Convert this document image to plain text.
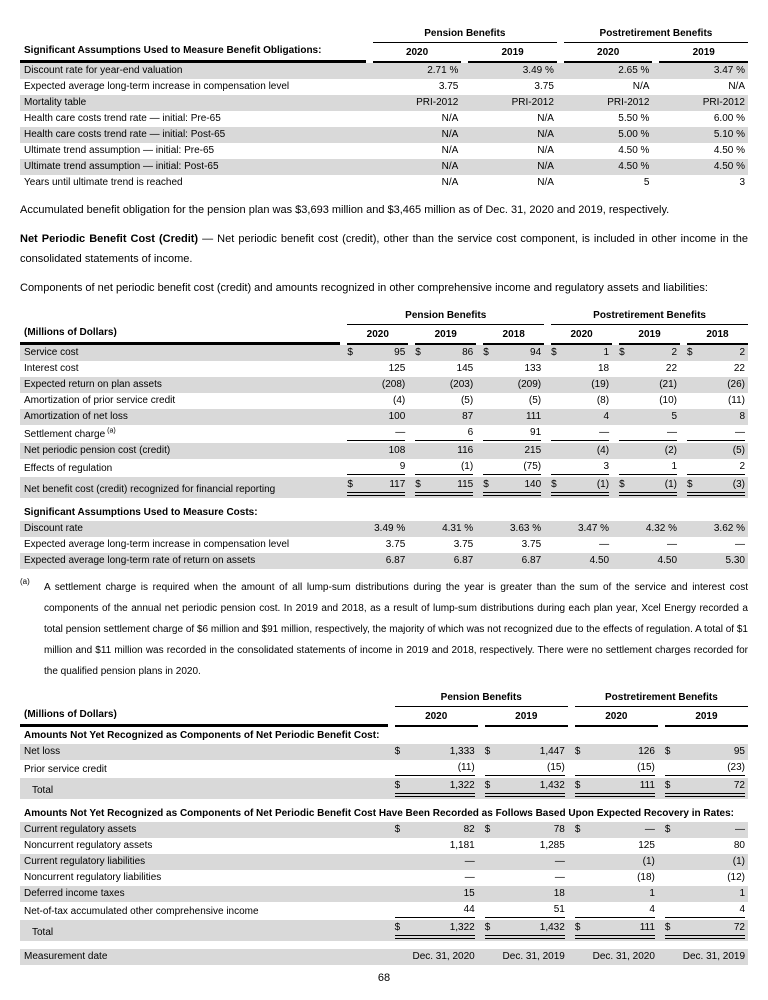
	Pension Benefits		Postretirement Benefits	

Significant Assumptions Used to Measure Benefit Obligations:	2020	2019	2020	2019

Discount rate for year-end valuation	2.71 %	3.49 %	2.65 %	3.47 %

Expected average long-term increase in compensation level	3.75	3.75	N/A	N/A

Mortality table	PRI-2012	PRI-2012	PRI-2012	PRI-2012

Health care costs trend rate — initial: Pre-65	N/A	N/A	5.50 %	6.00 %

Health care costs trend rate — initial: Post-65	N/A	N/A	5.00 %	5.10 %

Ultimate trend assumption — initial: Pre-65	N/A	N/A	4.50 %	4.50 %

Ultimate trend assumption — initial: Post-65	N/A	N/A	4.50 %	4.50 %

Years until ultimate trend is reached	N/A	N/A	5	3

Accumulated benefit obligation for the pension plan was $3,693 million and $3,465 million as of Dec. 31, 2020 and 2019, respectively.

Net Periodic Benefit Cost (Credit) — Net periodic benefit cost (credit), other than the service cost component, is included in other income in the consolidated statements of income.

Components of net periodic benefit cost (credit) and amounts recognized in other comprehensive income and regulatory assets and liabilities:

	Pension Benefits			Postretirement Benefits		

(Millions of Dollars)	2020	2019	2018	2020	2019	2018

Service cost	$ 95	$ 86	$ 94	$ 1	$ 2	$ 2

Interest cost	125	145	133	18	22	22

Expected return on plan assets	(208)	(203)	(209)	(19)	(21)	(26)

Amortization of prior service credit	(4)	(5)	(5)	(8)	(10)	(11)

Amortization of net loss	100	87	111	4	5	8

Settlement charge $^{(a)}$	—	6	91	—	—	—

Net periodic pension cost (credit)	108	116	215	(4)	(2)	(5)

Effects of regulation	9	(1)	(75)	3	1	2

Net benefit cost (credit) recognized for financial reporting	$ 117	$ 115	$ 140	$ (1)	$ (1)	$ (3)

Significant Assumptions Used to Measure Costs:						
Discount rate	3.49 %	4.31 %	3.63 %	3.47 %	4.32 %	3.62 %

Expected average long-term increase in compensation level	3.75	3.75	3.75	—	—	—

Expected average long-term rate of return on assets	6.87	6.87	6.87	4.50	4.50	5.30
(a)
A settlement charge is required when the amount of all lump-sum distributions during the year is greater than the sum of the service and interest cost components of the annual net periodic pension cost. In 2019 and 2018, as a result of lump-sum distributions during each plan year, Xcel Energy recorded a total pension settlement charge of $6 million and $91 million, respectively, the majority of which was not recognized due to the effects of regulation. A total of $1 million and $11 million was recorded in the consolidated statements of income in 2019 and 2018, respectively. There were no settlement charges recorded for the qualified pension plans in 2020.

	Pension Benefits		Postretirement Benefits	

(Millions of Dollars)	2020	2019	2020	2019

Amounts Not Yet Recognized as Components of Net Periodic Benefit Cost:				
Net loss	$ 1,333	$ 1,447	$ 126	$ 95

Prior service credit	(11)	(15)	(15)	(23)

Total	$ 1,322	$ 1,432	$ 111	$ 72

Amounts Not Yet Recognized as Components of Net Periodic Benefit Cost Have Been Recorded as Follows Based Upon Expected Recovery in Rates:				
Current regulatory assets	$ 82	$ 78	$ —	$ —

Noncurrent regulatory assets	1,181	1,285	125	80

Current regulatory liabilities	—	—	(1)	(1)

Noncurrent regulatory liabilities	—	—	(18)	(12)

Deferred income taxes	15	18	1	1

Net-of-tax accumulated other comprehensive income	44	51	4	4

Total	$ 1,322	$ 1,432	$ 111	$ 72

Measurement date	Dec. 31, 2020	Dec. 31, 2019	Dec. 31, 2020	Dec. 31, 2019
68
